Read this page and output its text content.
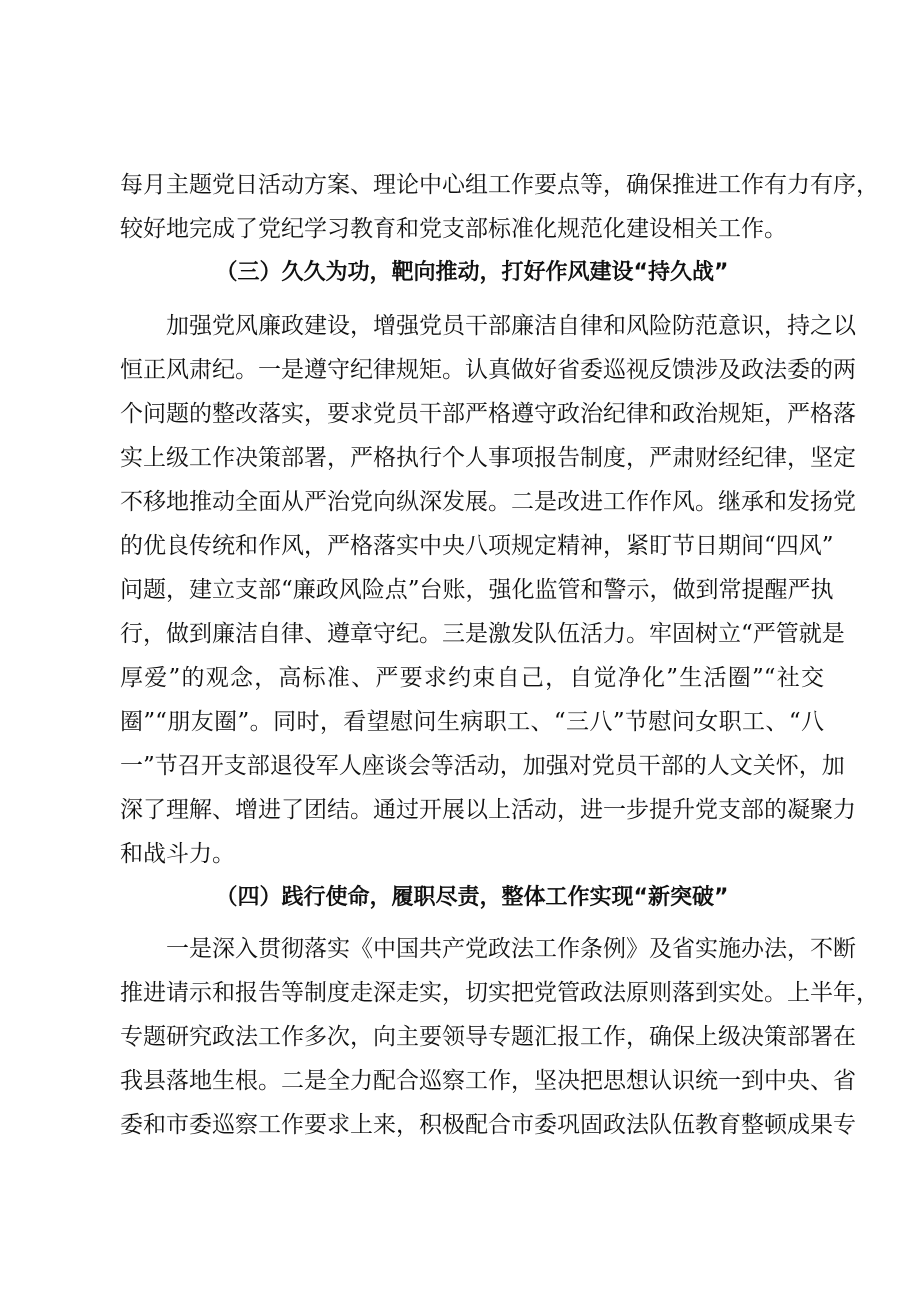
每月主题党日活动方案、理论中心组工作要点等，确保推进工作有力有序，
较好地完成了党纪学习教育和党支部标准化规范化建设相关工作。
（三）久久为功，靶向推动，打好作风建设“持久战”
加强党风廉政建设，增强党员干部廉洁自律和风险防范意识，持之以
恒正风肃纪。一是遵守纪律规矩。认真做好省委巡视反馈涉及政法委的两
个问题的整改落实，要求党员干部严格遵守政治纪律和政治规矩，严格落
实上级工作决策部署，严格执行个人事项报告制度，严肃财经纪律，坚定
不移地推动全面从严治党向纵深发展。二是改进工作作风。继承和发扬党
的优良传统和作风，严格落实中央八项规定精神，紧盯节日期间“四风”
问题，建立支部“廉政风险点”台账，强化监管和警示，做到常提醒严执
行，做到廉洁自律、遵章守纪。三是激发队伍活力。牢固树立“严管就是
厚爱”的观念，高标准、严要求约束自己，自觉净化”生活圈”“社交
圈”“朋友圈”。同时，看望慰问生病职工、“三八”节慰问女职工、“八
一”节召开支部退役军人座谈会等活动，加强对党员干部的人文关怀，加
深了理解、增进了团结。通过开展以上活动，进一步提升党支部的凝聚力
和战斗力。
（四）践行使命，履职尽责，整体工作实现“新突破”
一是深入贯彻落实《中国共产党政法工作条例》及省实施办法，不断
推进请示和报告等制度走深走实，切实把党管政法原则落到实处。上半年，
专题研究政法工作多次，向主要领导专题汇报工作，确保上级决策部署在
我县落地生根。二是全力配合巡察工作，坚决把思想认识统一到中央、省
委和市委巡察工作要求上来，积极配合市委巩固政法队伍教育整顿成果专
